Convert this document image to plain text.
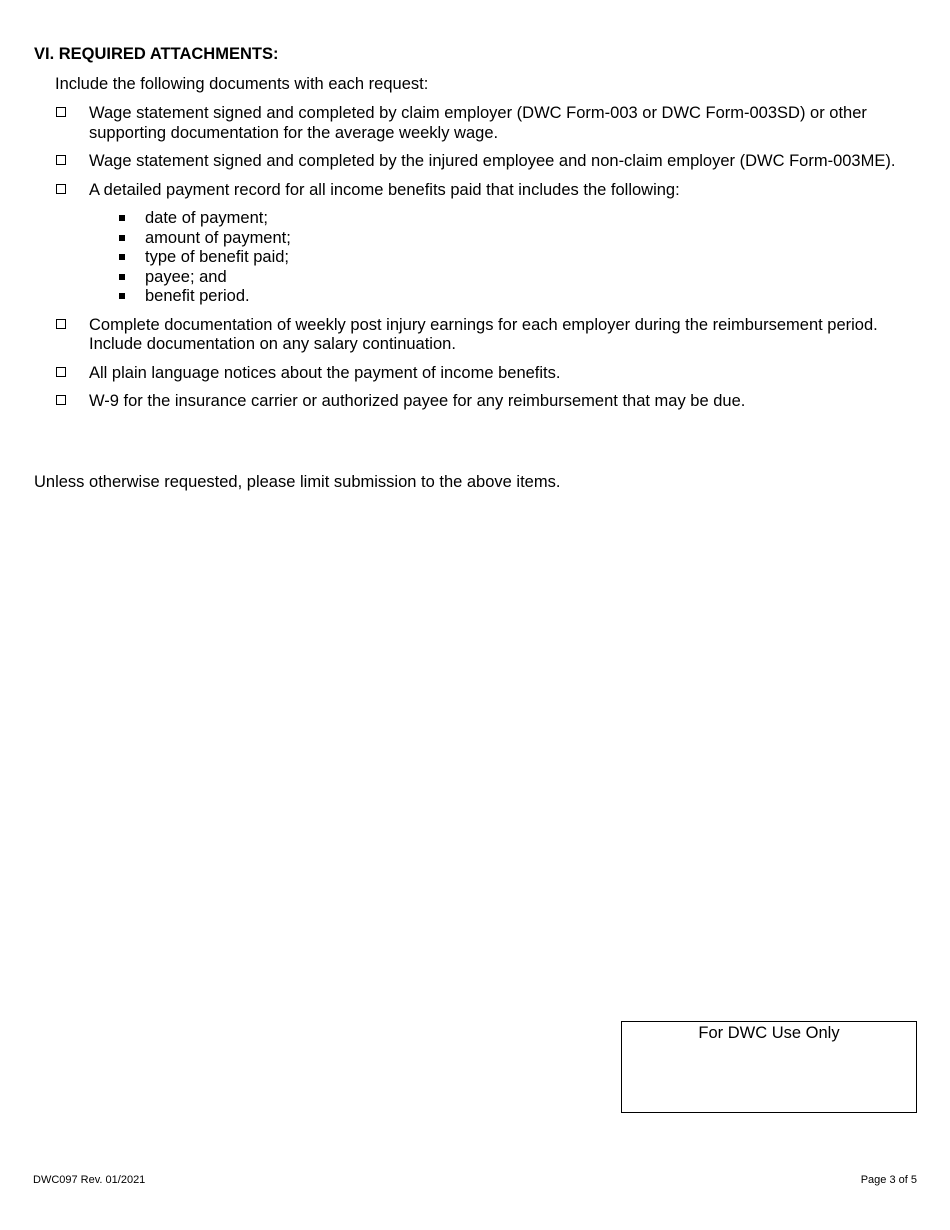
VI. REQUIRED ATTACHMENTS:
Include the following documents with each request:
Wage statement signed and completed by claim employer (DWC Form-003 or DWC Form-003SD) or other supporting documentation for the average weekly wage.
Wage statement signed and completed by the injured employee and non-claim employer (DWC Form-003ME).
A detailed payment record for all income benefits paid that includes the following:
date of payment;
amount of payment;
type of benefit paid;
payee; and
benefit period.
Complete documentation of weekly post injury earnings for each employer during the reimbursement period. Include documentation on any salary continuation.
All plain language notices about the payment of income benefits.
W-9 for the insurance carrier or authorized payee for any reimbursement that may be due.
Unless otherwise requested, please limit submission to the above items.
For DWC Use Only
DWC097 Rev. 01/2021	Page 3 of 5
